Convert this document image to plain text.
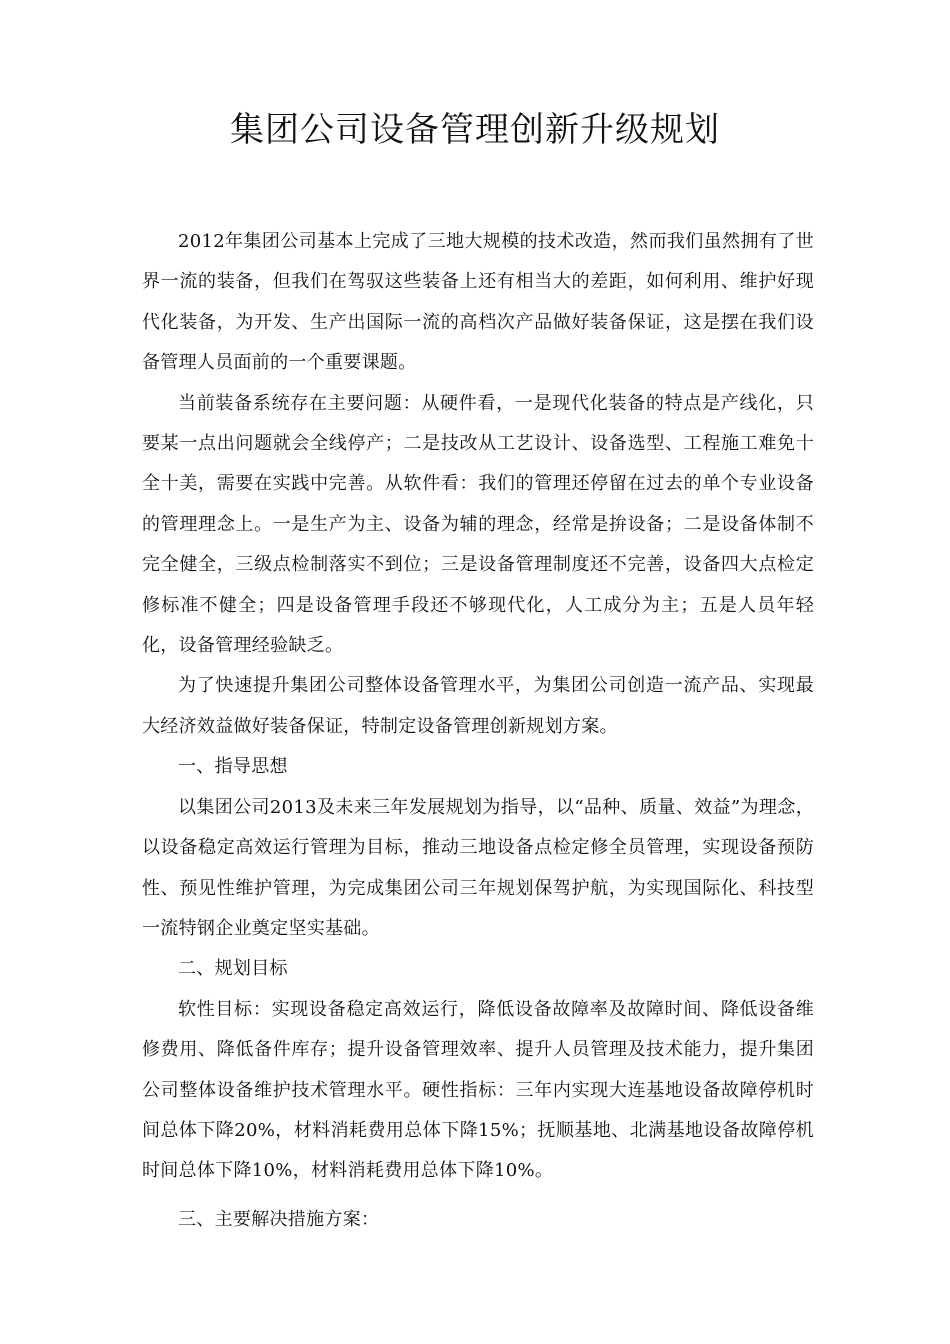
集团公司设备管理创新升级规划

2012年集团公司基本上完成了三地大规模的技术改造，然而我们虽然拥有了世界一流的装备，但我们在驾驭这些装备上还有相当大的差距，如何利用、维护好现代化装备，为开发、生产出国际一流的高档次产品做好装备保证，这是摆在我们设备管理人员面前的一个重要课题。

当前装备系统存在主要问题：从硬件看，一是现代化装备的特点是产线化，只要某一点出问题就会全线停产；二是技改从工艺设计、设备选型、工程施工难免十全十美，需要在实践中完善。从软件看：我们的管理还停留在过去的单个专业设备的管理理念上。一是生产为主、设备为辅的理念，经常是拚设备；二是设备体制不完全健全，三级点检制落实不到位；三是设备管理制度还不完善，设备四大点检定修标准不健全；四是设备管理手段还不够现代化，人工成分为主；五是人员年轻化，设备管理经验缺乏。

为了快速提升集团公司整体设备管理水平，为集团公司创造一流产品、实现最大经济效益做好装备保证，特制定设备管理创新规划方案。

一、指导思想

以集团公司2013及未来三年发展规划为指导，以“品种、质量、效益”为理念，以设备稳定高效运行管理为目标，推动三地设备点检定修全员管理，实现设备预防性、预见性维护管理，为完成集团公司三年规划保驾护航，为实现国际化、科技型一流特钢企业奠定坚实基础。

二、规划目标

软性目标：实现设备稳定高效运行，降低设备故障率及故障时间、降低设备维修费用、降低备件库存；提升设备管理效率、提升人员管理及技术能力，提升集团公司整体设备维护技术管理水平。硬性指标：三年内实现大连基地设备故障停机时间总体下降20%，材料消耗费用总体下降15%；抚顺基地、北满基地设备故障停机时间总体下降10%，材料消耗费用总体下降10%。

三、主要解决措施方案：
